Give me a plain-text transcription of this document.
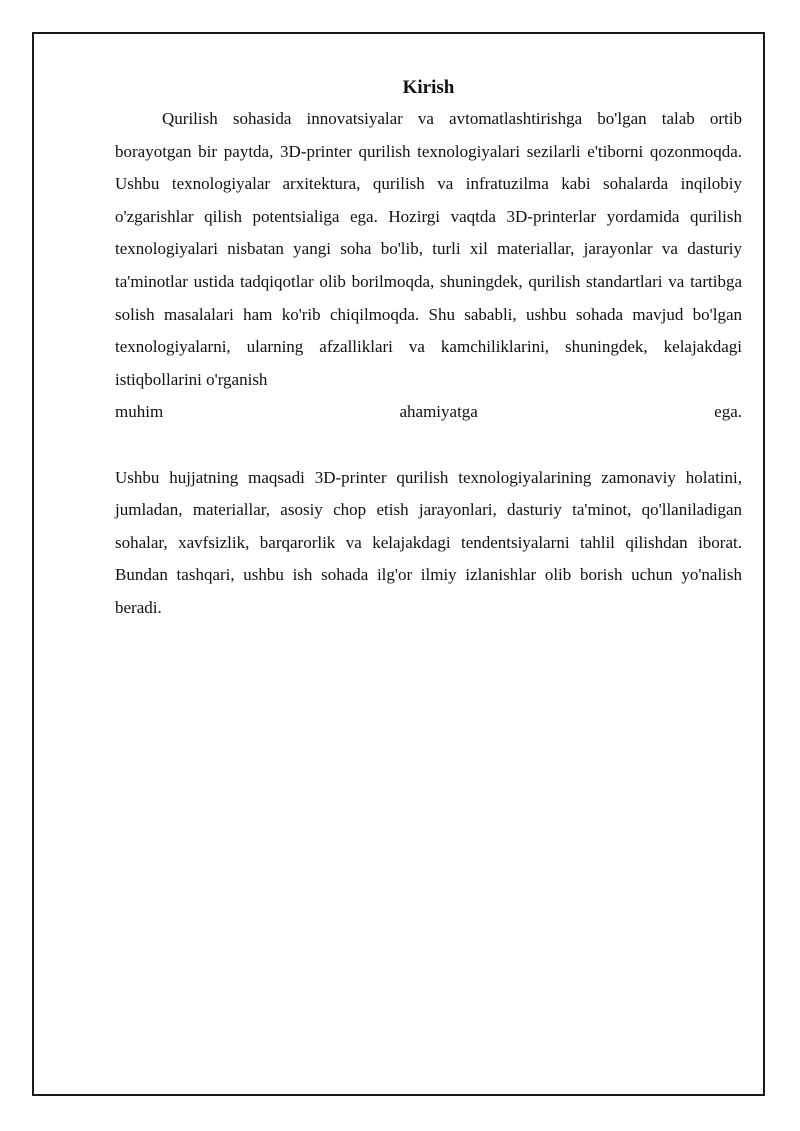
Kirish

Qurilish sohasida innovatsiyalar va avtomatlashtirishga bo'lgan talab ortib borayotgan bir paytda, 3D-printer qurilish texnologiyalari sezilarli e'tiborni qozonmoqda. Ushbu texnologiyalar arxitektura, qurilish va infratuzilma kabi sohalarda inqilobiy o'zgarishlar qilish potentsialiga ega. Hozirgi vaqtda 3D-printerlar yordamida qurilish texnologiyalari nisbatan yangi soha bo'lib, turli xil materiallar, jarayonlar va dasturiy ta'minotlar ustida tadqiqotlar olib borilmoqda, shuningdek, qurilish standartlari va tartibga solish masalalari ham ko'rib chiqilmoqda. Shu sababli, ushbu sohada mavjud bo'lgan texnologiyalarni, ularning afzalliklari va kamchiliklarini, shuningdek, kelajakdagi istiqbollarini o'rganish

muhim	ahamiyatga	ega.

Ushbu hujjatning maqsadi 3D-printer qurilish texnologiyalarining zamonaviy holatini, jumladan, materiallar, asosiy chop etish jarayonlari, dasturiy ta'minot, qo'llaniladigan sohalar, xavfsizlik, barqarorlik va kelajakdagi tendentsiyalarni tahlil qilishdan iborat. Bundan tashqari, ushbu ish sohada ilg'or ilmiy izlanishlar olib borish uchun yo'nalish beradi.
